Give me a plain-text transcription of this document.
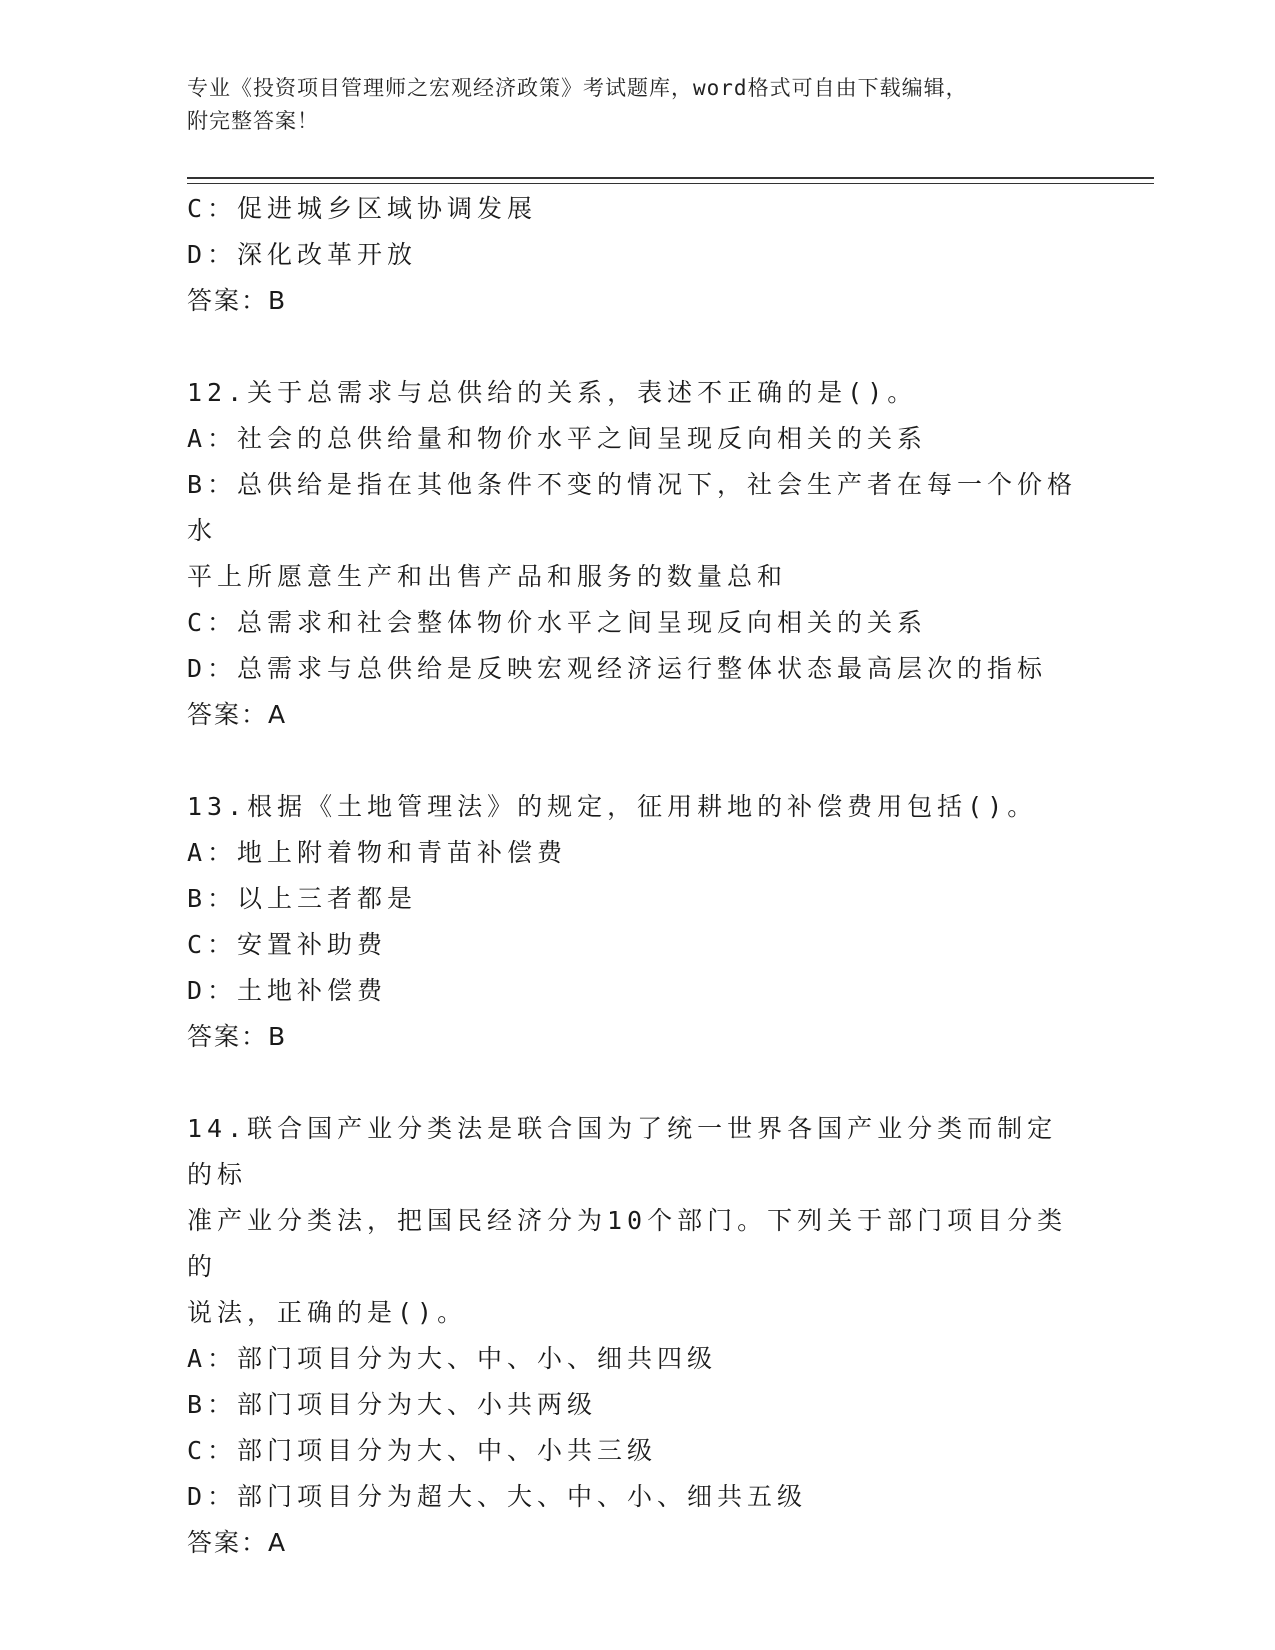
专业《投资项目管理师之宏观经济政策》考试题库，word格式可自由下载编辑，
附完整答案！
C：促进城乡区域协调发展
D：深化改革开放
答案：B
12.关于总需求与总供给的关系，表述不正确的是()。
A：社会的总供给量和物价水平之间呈现反向相关的关系
B：总供给是指在其他条件不变的情况下，社会生产者在每一个价格水
平上所愿意生产和出售产品和服务的数量总和
C：总需求和社会整体物价水平之间呈现反向相关的关系
D：总需求与总供给是反映宏观经济运行整体状态最高层次的指标
答案：A
13.根据《土地管理法》的规定，征用耕地的补偿费用包括()。
A：地上附着物和青苗补偿费
B：以上三者都是
C：安置补助费
D：土地补偿费
答案：B
14.联合国产业分类法是联合国为了统一世界各国产业分类而制定的标
准产业分类法，把国民经济分为10个部门。下列关于部门项目分类的
说法，正确的是()。
A：部门项目分为大、中、小、细共四级
B：部门项目分为大、小共两级
C：部门项目分为大、中、小共三级
D：部门项目分为超大、大、中、小、细共五级
答案：A
